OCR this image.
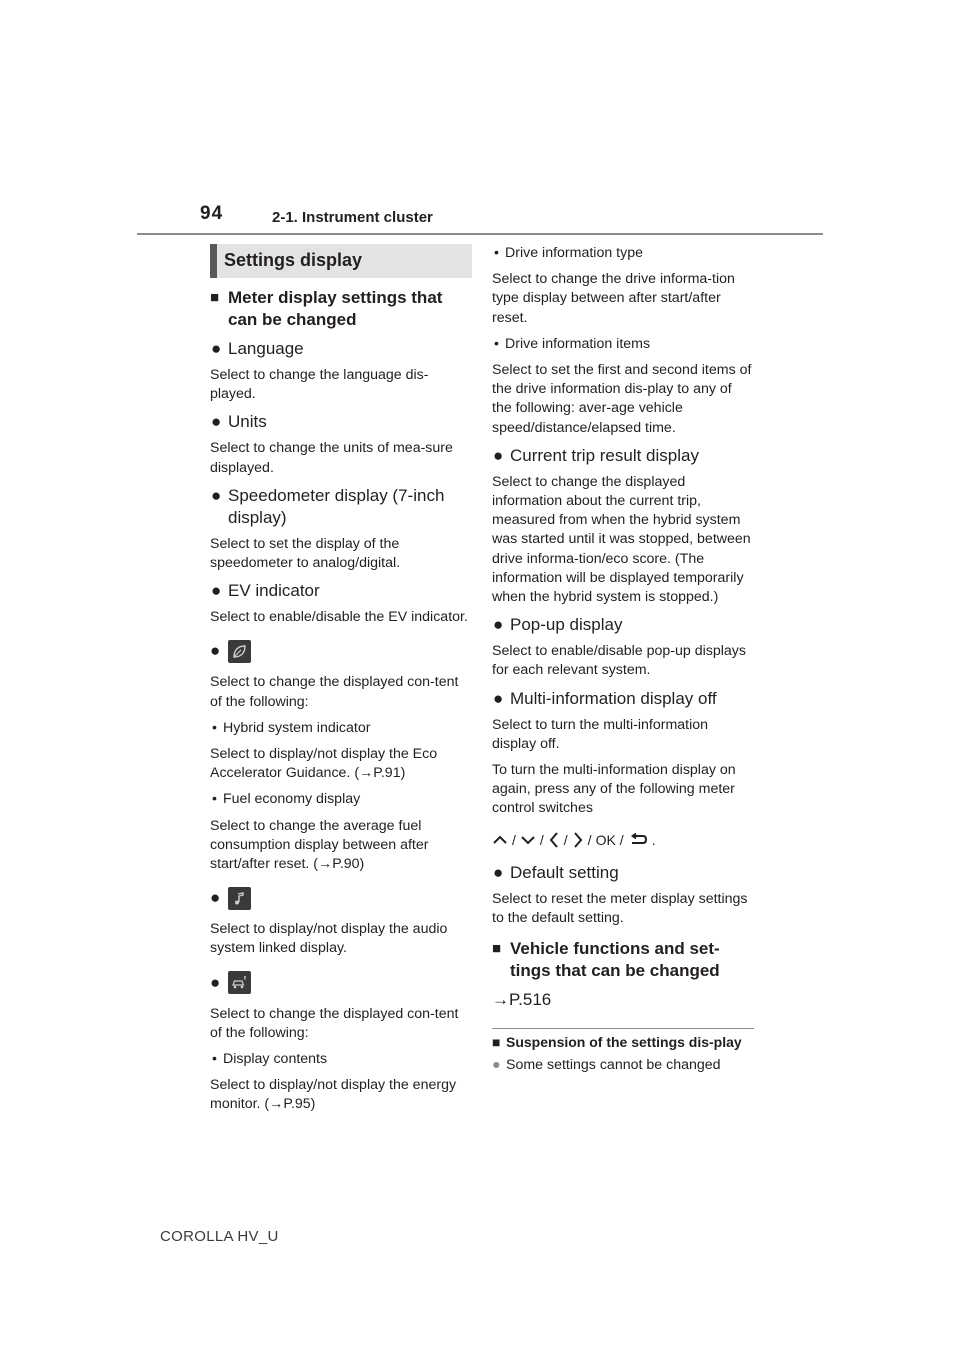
94	2-1. Instrument cluster
Settings display
■ Meter display settings that can be changed
● Language
Select to change the language dis-played.
● Units
Select to change the units of mea-sure displayed.
● Speedometer display (7-inch display)
Select to set the display of the speedometer to analog/digital.
● EV indicator
Select to enable/disable the EV indicator.
●
Select to change the displayed con-tent of the following:
• Hybrid system indicator
Select to display/not display the Eco Accelerator Guidance. (→P.91)
• Fuel economy display
Select to change the average fuel consumption display between after start/after reset. (→P.90)
●
Select to display/not display the audio system linked display.
●
Select to change the displayed con-tent of the following:
• Display contents
Select to display/not display the energy monitor. (→P.95)
• Drive information type
Select to change the drive informa-tion type display between after start/after reset.
• Drive information items
Select to set the first and second items of the drive information dis-play to any of the following: aver-age vehicle speed/distance/elapsed time.
● Current trip result display
Select to change the displayed information about the current trip, measured from when the hybrid system was started until it was stopped, between drive informa-tion/eco score. (The information will be displayed temporarily when the hybrid system is stopped.)
● Pop-up display
Select to enable/disable pop-up displays for each relevant system.
● Multi-information display off
Select to turn the multi-information display off.
To turn the multi-information display on again, press any of the following meter control switches
/ / / / OK / .
● Default setting
Select to reset the meter display settings to the default setting.
■ Vehicle functions and set-tings that can be changed
→P.516
■ Suspension of the settings dis-play
● Some settings cannot be changed
COROLLA HV_U
